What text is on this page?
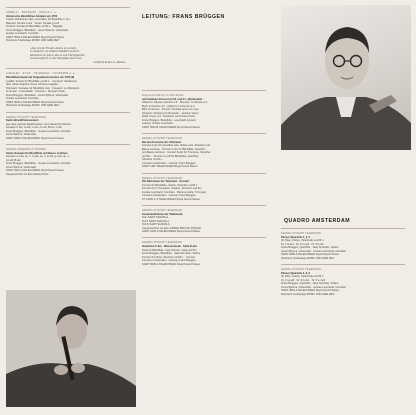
CORELLI · BARSANTI · KRAUS u. a.

Historische Blockflöten-Sonaten um 1700

Corelli: Variationen über »La Follia« für Blockflöte u. B.c.

Barsanti: Sonate C-dur · Kraus: Sonata g-moll

Veracini: Sonate für Blockflöte und B.c. · Bigaglia

Frans Brüggen, Blockflöte · Anner Bylsma, Violoncello

Gustav Leonhardt, Cembalo

SAWT 9501-A TELEFUNKEN Royal Sound Stereo

Illustrierte Textbeilage MUSIK UND IHRE ZEIT

»Das ist eine Freude, daran, ein so klar,

so natürlich, so selbstverständlich heiteres

Musizieren zu hören, das so voll Überlegenheit

ist und zugleich so viel lebendigen Atem hat«

Gottfried Kraus in »Rondo«

LOEILLET · EYCK · TELEMANN · COUPERIN u. a.

Blockflötenmusik auf Originalinstrumenten um 1700 (II)

Loeillet: Sonate für Blockflöte und B.c. · van Eyck: Variationen

über »Doen Daphne d'over schoone maeght«

Telemann: Fantasie für Blockflöte solo · Couperin: Le Rossignol

en-amour · Frescobaldi · Parcham · Dieupart: Suite

Frans Brüggen, Blockflöte · Anner Bylsma, Violoncello

Gustav Leonhardt, Cembalo

SAWT 9540-A TELEFUNKEN Royal Sound Stereo

Illustrierte Textbeilage MUSIK UND IHRE ZEIT

GEORG PHILIPP TELEMANN

Sechs Blockflötensonaten

aus »Der getreue Musikmeister« und »Essercizii Musici«

Sonaten F-dur, f-moll, C-dur, d-moll, B-dur, C-dur

Frans Brüggen, Blockflöte · Gustav Leonhardt, Cembalo

Anner Bylsma, Violoncello

SAWT 9450-A TELEFUNKEN Royal Sound Stereo

GEORG FRIEDRICH HÄNDEL

Sechs Sonaten für Blockflöte und Basso continuo

Sonaten a-moll, op. 1, C-dur, op. 1, F-dur, g-moll, op. 1,

d-moll, B-dur

Frans Brüggen, Blockflöte · Gustav Leonhardt, Cembalo

Anner Bylsma, Violoncello

SAWT 9421-A TELEFUNKEN Royal Sound Stereo

Ausgezeichnet mit dem Edison-Preis

LEITUNG: FRANS BRÜGGEN

Englische Musik für Blockflöte

und Gamben-Consort im 16. und 17. Jahrhundert

Holborne: Dances and Airs à 5 · Taverner: In Nomine à 4

Byrd: In Nomine à 5 · Gibbons: In Nomine à 4

Bull: In Nomine · Purcell: Fantasia upon one note

Simpson: Divisions for Recorder · Jenkins: Fancy

Ward: Fancy à 5 · Dowland: Lachrimae Pavan

Frans Brüggen, Blockflöte · Leonhardt-Consort

Leitung: Gustav Leonhardt

SAWT 9511-B TELEFUNKEN Royal Sound Stereo

GEORG PHILIPP TELEMANN

Die drei Konzerte des Telemann

Konzert A-dur für Querflöte solo, Violine solo, Streicher und

Basso continuo · Konzert F-dur für Blockflöte, Streicher

und Basso continuo · Konzert D-dur für Trompete, Streicher

und B.c. · Konzert e-moll für Blockflöte, Querflöte,

Streicher und B.c.

Concerto Amsterdam · Leitung: Frans Brüggen

SAWT 1182 TELEFUNKEN Royal Sound Stereo

GEORG PHILIPP TELEMANN

Die Dänischen der Telemann · Konzert

Konzert für Blockflöte, Violine, Streicher und B.c.

Konzert für 3 Trompeten, Pauken, Streicher und B.c.

Gustav Leonhardt, Cembalo · Maurice André, Trompete

Concerto Amsterdam · Leitung: Frans Brüggen

KT 11000 1–2 TELEFUNKEN Royal Sound Stereo

GEORG PHILIPP TELEMANN

Gesamtaufnahme der Tafelmusik

Teil I SAWT 9440/39-A

Teil II SAWT 9442/43-A

Teil III SAWT 9444/45-A

Ausgezeichnet mit dem GRAND PRIX DU DISQUE

SAWT 9440-A TELEFUNKEN Royal Sound Stereo

GEORG PHILIPP TELEMANN

Ouvertüre F-dur · Wassermusik · Suite D-dur

Suite für Blockflöte, zwei Violinen, Viola und B.c.

Frans Brüggen, Blockflöte · Jaap Schröder, Violine

Konzert für Oboe, Streicher und B.c. · Konzert

Concerto Amsterdam · Leitung: Frans Brüggen

SAWT 9509-A TELEFUNKEN Royal Sound Stereo

QUADRO AMSTERDAM

GEORG PHILIPP TELEMANN

Pariser Quartette 1, 4, 5

für Flöte, Violine, Violoncello und B.c.

Nr. 1 D-dur · Nr. 4 h-moll · Nr. 5 A-dur

Frans Brüggen, Querflöte · Jaap Schröder, Violine

Anner Bylsma, Violoncello · Gustav Leonhardt, Cembalo

SAWT 9486-A TELEFUNKEN Royal Sound Stereo

Illustrierte Textbeilage MUSIK UND IHRE ZEIT

GEORG PHILIPP TELEMANN

Pariser Quartette 2, 3, 6

für Flöte, Violine, Violoncello und B.c.

Nr. 2 a-moll · Nr. 3 G-dur · Nr. 6 e-moll

Frans Brüggen, Querflöte · Jaap Schröder, Violine

Anner Bylsma, Violoncello · Gustav Leonhardt, Cembalo

SAWT 9563-A TELEFUNKEN Royal Sound Stereo

Illustrierte Textbeilage MUSIK UND IHRE ZEIT
